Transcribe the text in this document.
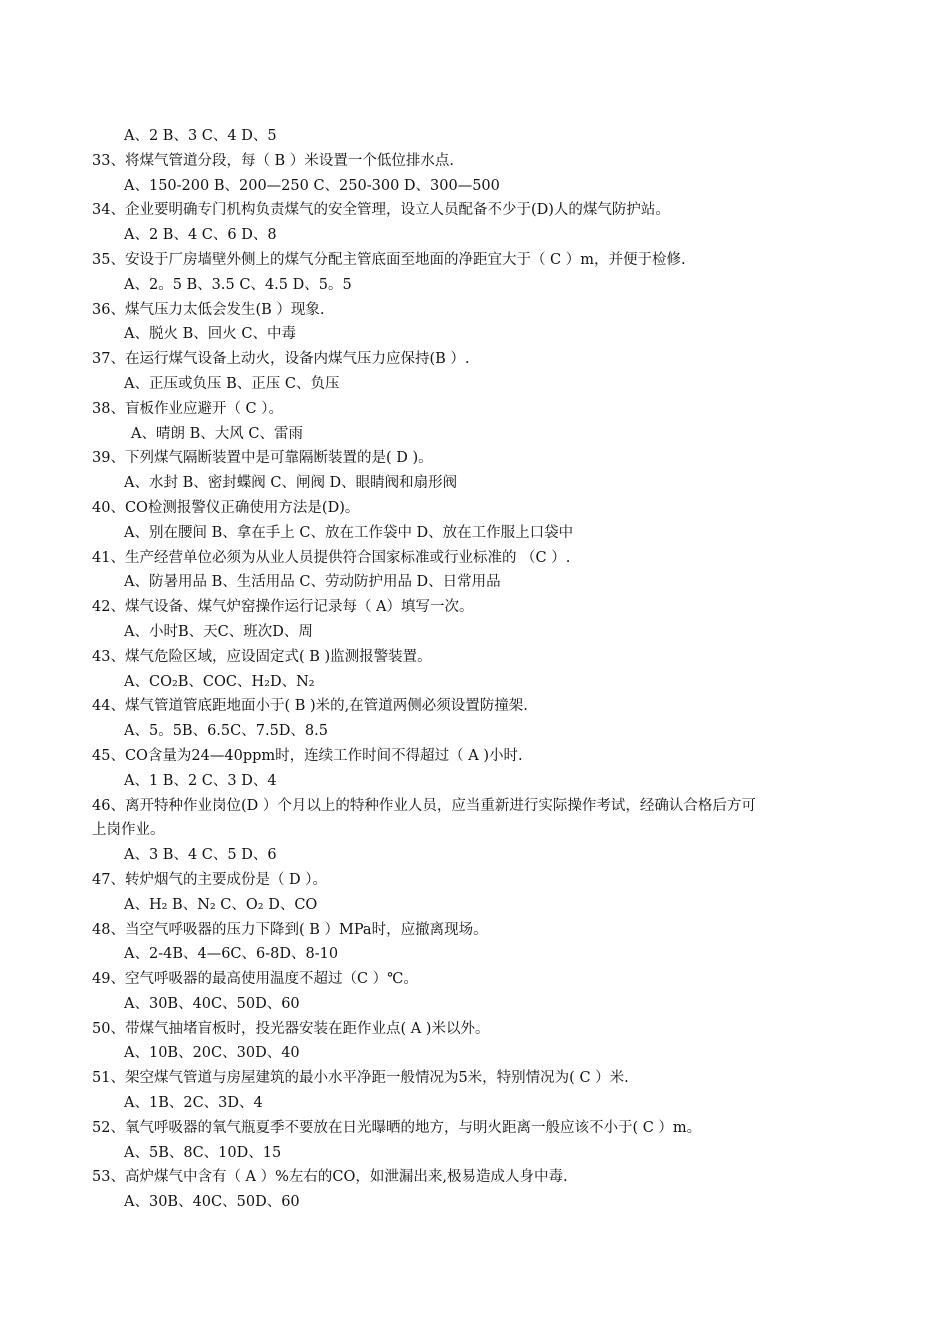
A、2 B、3 C、4 D、5
33、将煤气管道分段，每（ B ）米设置一个低位排水点.
A、150-200 B、200—250 C、250-300 D、300—500
34、企业要明确专门机构负责煤气的安全管理，设立人员配备不少于(D)人的煤气防护站。
A、2 B、4 C、6 D、8
35、安设于厂房墙壁外侧上的煤气分配主管底面至地面的净距宜大于（ C ）m，并便于检修.
A、2。5 B、3.5 C、4.5 D、5。5
36、煤气压力太低会发生(B ）现象.
A、脱火 B、回火 C、中毒
37、在运行煤气设备上动火，设备内煤气压力应保持(B ）.
A、正压或负压 B、正压 C、负压
38、盲板作业应避开（ C ）。
A、晴朗 B、大风 C、雷雨
39、下列煤气隔断装置中是可靠隔断装置的是( D )。
A、水封 B、密封蝶阀 C、闸阀 D、眼睛阀和扇形阀
40、CO检测报警仪正确使用方法是(D)。
A、别在腰间 B、拿在手上 C、放在工作袋中 D、放在工作服上口袋中
41、生产经营单位必须为从业人员提供符合国家标准或行业标准的 （C ）.
A、防暑用品 B、生活用品 C、劳动防护用品 D、日常用品
42、煤气设备、煤气炉窑操作运行记录每（ A）填写一次。
A、小时B、天C、班次D、周
43、煤气危险区域，应设固定式( B )监测报警装置。
A、CO₂B、COC、H₂D、N₂
44、煤气管道管底距地面小于( B )米的,在管道两侧必须设置防撞架.
A、5。5B、6.5C、7.5D、8.5
45、CO含量为24—40ppm时，连续工作时间不得超过（ A )小时.
A、1 B、2 C、3 D、4
46、离开特种作业岗位(D ）个月以上的特种作业人员，应当重新进行实际操作考试，经确认合格后方可
上岗作业。
A、3 B、4 C、5 D、6
47、转炉烟气的主要成份是（ D ）。
A、H₂ B、N₂ C、O₂ D、CO
48、当空气呼吸器的压力下降到( B ）MPa时，应撤离现场。
A、2-4B、4—6C、6-8D、8-10
49、空气呼吸器的最高使用温度不超过（C ）℃。
A、30B、40C、50D、60
50、带煤气抽堵盲板时，投光器安装在距作业点( A )米以外。
A、10B、20C、30D、40
51、架空煤气管道与房屋建筑的最小水平净距一般情况为5米，特别情况为( C ）米.
A、1B、2C、3D、4
52、氧气呼吸器的氧气瓶夏季不要放在日光曝晒的地方，与明火距离一般应该不小于( C ）m。
A、5B、8C、10D、15
53、高炉煤气中含有（ A ）%左右的CO，如泄漏出来,极易造成人身中毒.
A、30B、40C、50D、60
